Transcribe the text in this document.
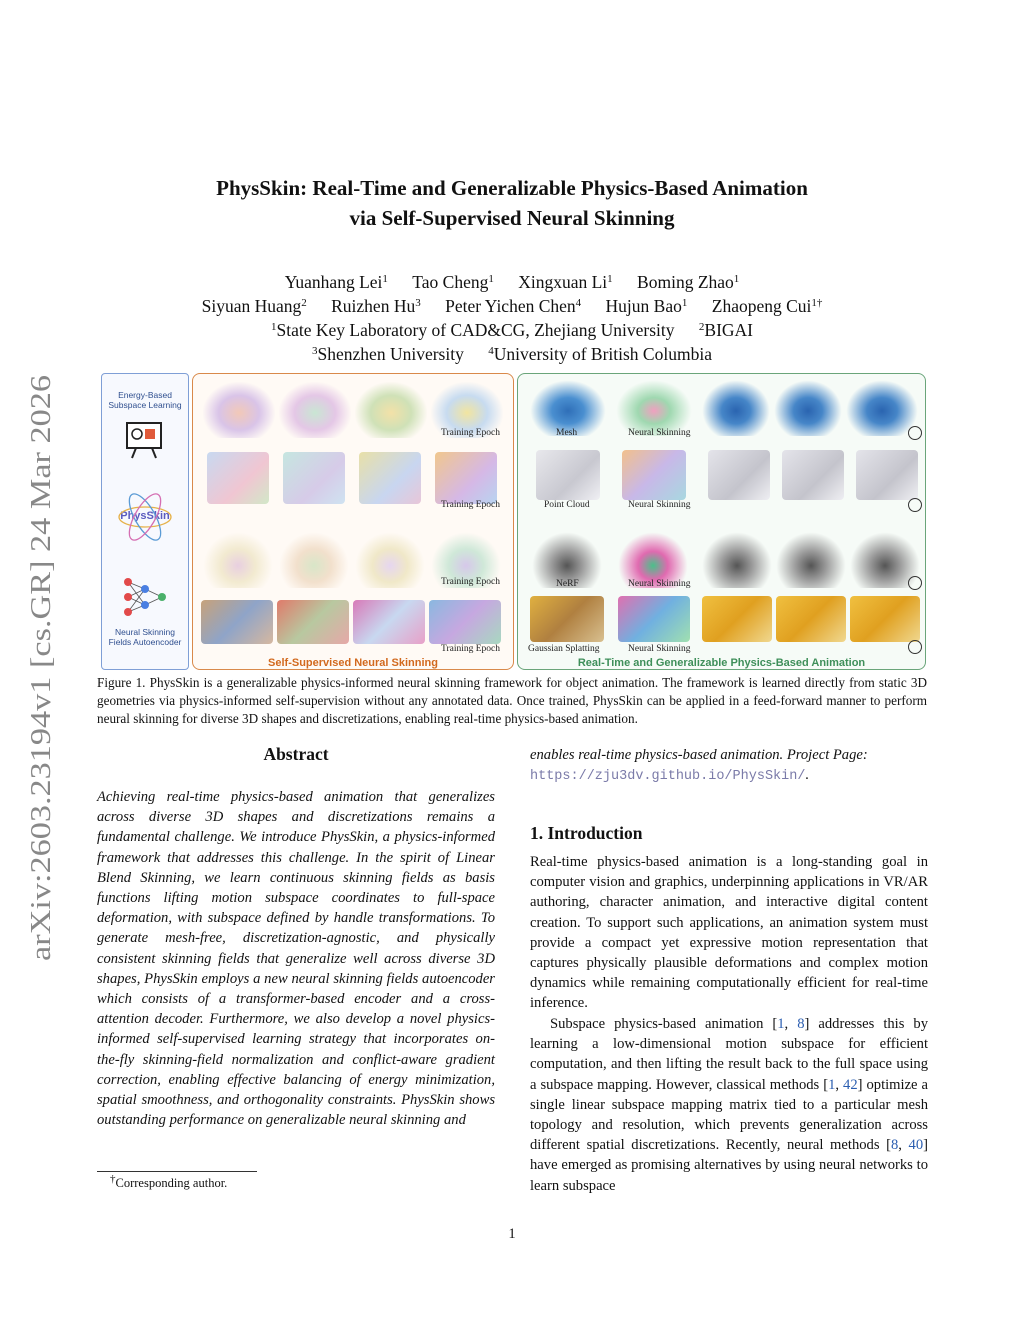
arXiv:2603.23194v1 [cs.GR] 24 Mar 2026
PhysSkin: Real-Time and Generalizable Physics-Based Animation
via Self-Supervised Neural Skinning
Yuanhang Lei$^1$ Tao Cheng$^1$ Xingxuan Li$^1$ Boming Zhao$^1$
Siyuan Huang$^2$ Ruizhen Hu$^3$ Peter Yichen Chen$^4$ Hujun Bao$^1$ Zhaopeng Cui$^{1\dagger}$
$^1$State Key Laboratory of CAD&CG, Zhejiang University $^2$BIGAI
$^3$Shenzhen University $^4$University of British Columbia
Energy-Based Subspace Learning
PhysSkin
Neural Skinning Fields Autoencoder
Training Epoch
Training Epoch
Training Epoch
Training Epoch
Self-Supervised Neural Skinning
Mesh	Neural Skinning
Point Cloud	Neural Skinning
NeRF	Neural Skinning
Gaussian Splatting	Neural Skinning
Real-Time and Generalizable Physics-Based Animation
Figure 1. PhysSkin is a generalizable physics-informed neural skinning framework for object animation. The framework is learned directly from static 3D geometries via physics-informed self-supervision without any annotated data. Once trained, PhysSkin can be applied in a feed-forward manner to perform neural skinning for diverse 3D shapes and discretizations, enabling real-time physics-based animation.
Abstract
Achieving real-time physics-based animation that generalizes across diverse 3D shapes and discretizations remains a fundamental challenge. We introduce PhysSkin, a physics-informed framework that addresses this challenge. In the spirit of Linear Blend Skinning, we learn continuous skinning fields as basis functions lifting motion subspace coordinates to full-space deformation, with subspace defined by handle transformations. To generate mesh-free, discretization-agnostic, and physically consistent skinning fields that generalize well across diverse 3D shapes, PhysSkin employs a new neural skinning fields autoencoder which consists of a transformer-based encoder and a cross-attention decoder. Furthermore, we also develop a novel physics-informed self-supervised learning strategy that incorporates on-the-fly skinning-field normalization and conflict-aware gradient correction, enabling effective balancing of energy minimization, spatial smoothness, and orthogonality constraints. PhysSkin shows outstanding performance on generalizable neural skinning and
†Corresponding author.
enables real-time physics-based animation. Project Page:
https://zju3dv.github.io/PhysSkin/.
1. Introduction
Real-time physics-based animation is a long-standing goal in computer vision and graphics, underpinning applications in VR/AR authoring, character animation, and interactive digital content creation. To support such applications, an animation system must provide a compact yet expressive motion representation that captures physically plausible deformations and complex motion dynamics while remaining computationally efficient for real-time inference.
Subspace physics-based animation [1, 8] addresses this by learning a low-dimensional motion subspace for efficient computation, and then lifting the result back to the full space using a subspace mapping. However, classical methods [1, 42] optimize a single linear subspace mapping matrix tied to a particular mesh topology and resolution, which prevents generalization across different spatial discretizations. Recently, neural methods [8, 40] have emerged as promising alternatives by using neural networks to learn subspace
1
